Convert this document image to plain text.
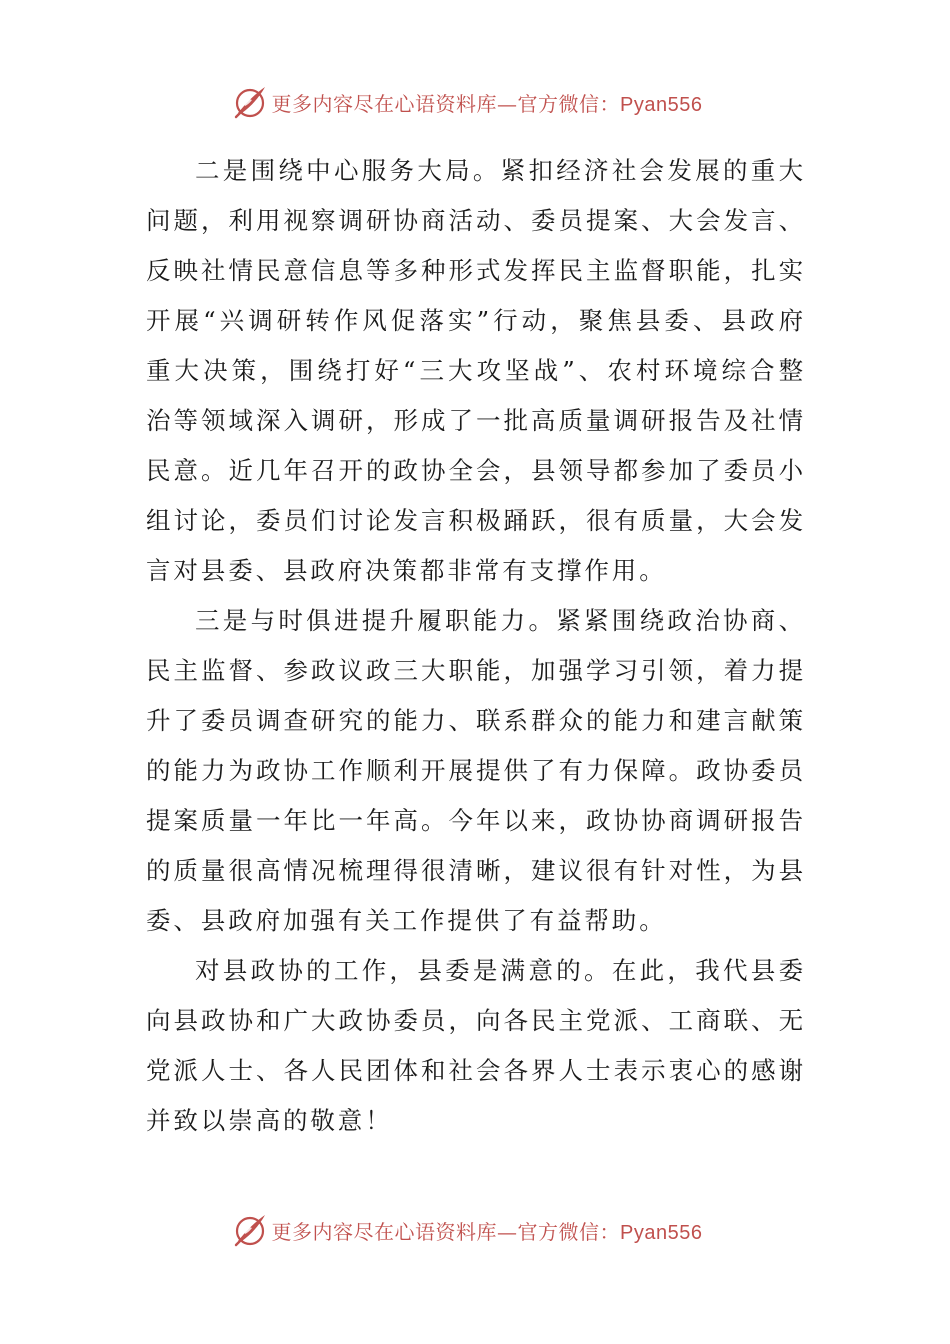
更多内容尽在心语资料库—官方微信：Pyan556

二是围绕中心服务大局。紧扣经济社会发展的重大问题，利用视察调研协商活动、委员提案、大会发言、反映社情民意信息等多种形式发挥民主监督职能，扎实开展“兴调研转作风促落实”行动，聚焦县委、县政府重大决策，围绕打好“三大攻坚战”、农村环境综合整治等领域深入调研，形成了一批高质量调研报告及社情民意。近几年召开的政协全会，县领导都参加了委员小组讨论，委员们讨论发言积极踊跃，很有质量，大会发言对县委、县政府决策都非常有支撑作用。

三是与时俱进提升履职能力。紧紧围绕政治协商、民主监督、参政议政三大职能，加强学习引领，着力提升了委员调查研究的能力、联系群众的能力和建言献策的能力为政协工作顺利开展提供了有力保障。政协委员提案质量一年比一年高。今年以来，政协协商调研报告的质量很高情况梳理得很清晰，建议很有针对性，为县委、县政府加强有关工作提供了有益帮助。

对县政协的工作，县委是满意的。在此，我代县委向县政协和广大政协委员，向各民主党派、工商联、无党派人士、各人民团体和社会各界人士表示衷心的感谢并致以崇高的敬意！

更多内容尽在心语资料库—官方微信：Pyan556
